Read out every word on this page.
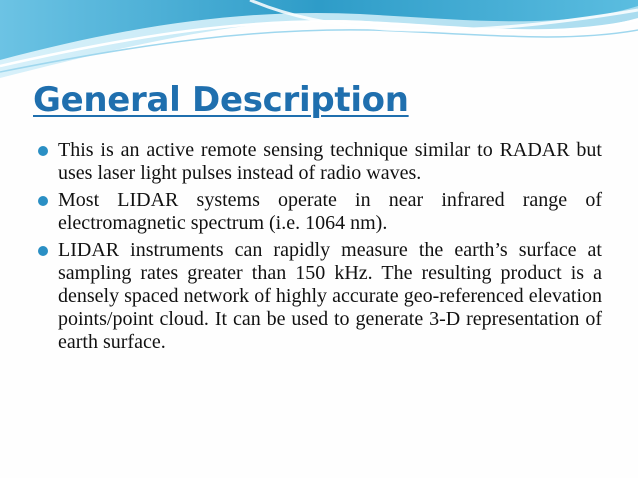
General Description

This is an active remote sensing technique similar to RADAR but uses laser light pulses instead of radio waves.

Most LIDAR systems operate in near infrared range of electromagnetic spectrum (i.e. 1064 nm).

LIDAR instruments can rapidly measure the earth’s surface at sampling rates greater than 150 kHz. The resulting product is a densely spaced network of highly accurate geo-referenced elevation points/point cloud. It can be used to generate 3-D representation of earth surface.
